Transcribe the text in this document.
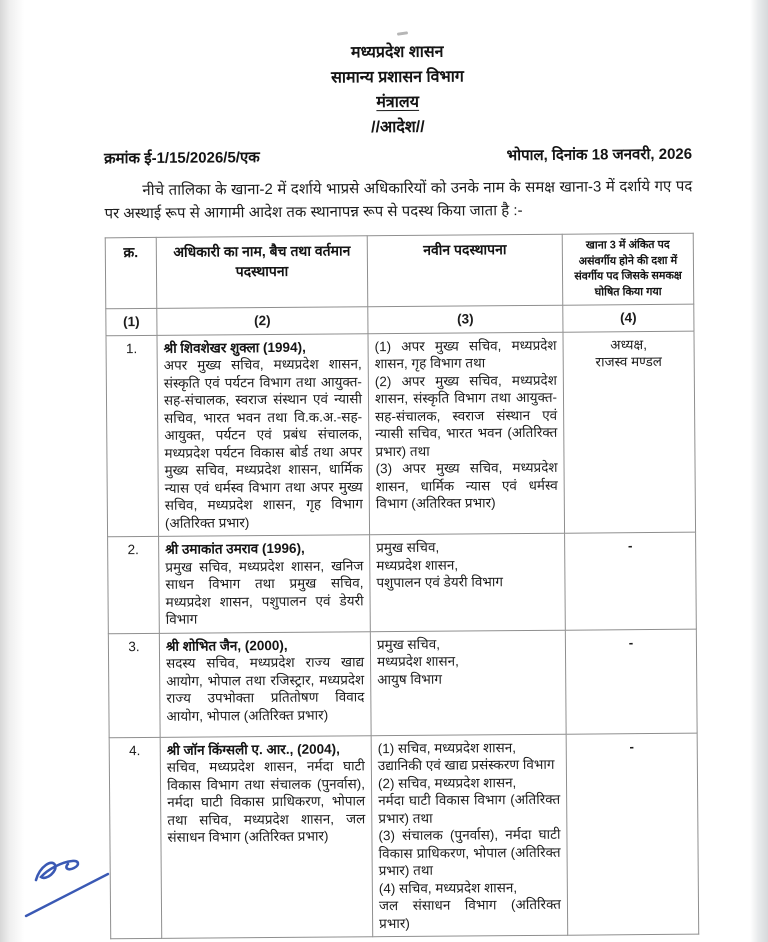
मध्यप्रदेश शासन
सामान्य प्रशासन विभाग
मंत्रालय
//आदेश//
क्रमांक ई-1/15/2026/5/एक	भोपाल, दिनांक 18 जनवरी, 2026

नीचे तालिका के खाना-2 में दर्शाये भाप्रसे अधिकारियों को उनके नाम के समक्ष खाना-3 में दर्शाये गए पद पर अस्थाई रूप से आगामी आदेश तक स्थानापन्न रूप से पदस्थ किया जाता है :-

क्र.	अधिकारी का नाम, बैच तथा वर्तमान पदस्थापना	नवीन पदस्थापना	खाना 3 में अंकित पद असंवर्गीय होने की दशा में संवर्गीय पद जिसके समकक्ष घोषित किया गया
(1)	(2)	(3)	(4)
1.	श्री शिवशेखर शुक्ला (1994),
अपर मुख्य सचिव, मध्यप्रदेश शासन, संस्कृति एवं पर्यटन विभाग तथा आयुक्त-सह-संचालक, स्वराज संस्थान एवं न्यासी सचिव, भारत भवन तथा वि.क.अ.-सह-आयुक्त, पर्यटन एवं प्रबंध संचालक, मध्यप्रदेश पर्यटन विकास बोर्ड तथा अपर मुख्य सचिव, मध्यप्रदेश शासन, धार्मिक न्यास एवं धर्मस्व विभाग तथा अपर मुख्य सचिव, मध्यप्रदेश शासन, गृह विभाग (अतिरिक्त प्रभार)
	(1) अपर मुख्य सचिव, मध्यप्रदेश शासन, गृह विभाग तथा
(2) अपर मुख्य सचिव, मध्यप्रदेश शासन, संस्कृति विभाग तथा आयुक्त-सह-संचालक, स्वराज संस्थान एवं न्यासी सचिव, भारत भवन (अतिरिक्त प्रभार) तथा
(3) अपर मुख्य सचिव, मध्यप्रदेश शासन, धार्मिक न्यास एवं धर्मस्व विभाग (अतिरिक्त प्रभार)	अध्यक्ष,
राजस्व मण्डल
2.	श्री उमाकांत उमराव (1996),
प्रमुख सचिव, मध्यप्रदेश शासन, खनिज साधन विभाग तथा प्रमुख सचिव, मध्यप्रदेश शासन, पशुपालन एवं डेयरी विभाग
	प्रमुख सचिव,
मध्यप्रदेश शासन,
पशुपालन एवं डेयरी विभाग	-
3.	श्री शोभित जैन, (2000),
सदस्य सचिव, मध्यप्रदेश राज्य खाद्य आयोग, भोपाल तथा रजिस्ट्रार, मध्यप्रदेश राज्य उपभोक्ता प्रतितोषण विवाद आयोग, भोपाल (अतिरिक्त प्रभार)
	प्रमुख सचिव,
मध्यप्रदेश शासन,
आयुष विभाग	-
4.	श्री जॉन किंग्सली ए. आर., (2004),
सचिव, मध्यप्रदेश शासन, नर्मदा घाटी विकास विभाग तथा संचालक (पुनर्वास), नर्मदा घाटी विकास प्राधिकरण, भोपाल तथा सचिव, मध्यप्रदेश शासन, जल संसाधन विभाग (अतिरिक्त प्रभार)
	(1) सचिव, मध्यप्रदेश शासन,
उद्यानिकी एवं खाद्य प्रसंस्करण विभाग
(2) सचिव, मध्यप्रदेश शासन,
नर्मदा घाटी विकास विभाग (अतिरिक्त प्रभार) तथा
(3) संचालक (पुनर्वास), नर्मदा घाटी विकास प्राधिकरण, भोपाल (अतिरिक्त प्रभार) तथा
(4) सचिव, मध्यप्रदेश शासन,
जल संसाधन विभाग (अतिरिक्त प्रभार)	-
